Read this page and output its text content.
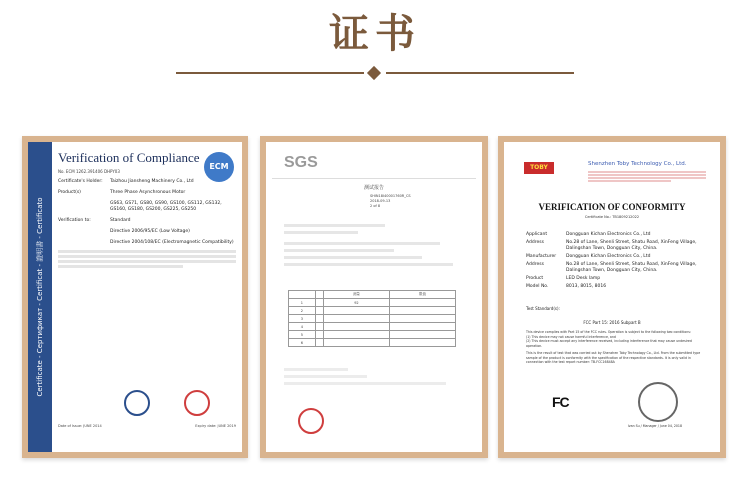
证书
Certificate - Сертификат - Certificat - 證明書 - Certificato
ECM
Verification of Compliance
No. ECM 1262.391406 DHPY03
Certificate's Holder:	Taizhou Jiansheng Machinery Co., Ltd
Product(s)	Three Phase Asynchronous Motor
GS63, GS71, GS80, GS90, GS100, GS112, GS132, GS160, GS180, GS200, GS225, GS250
Verification to:	Standard
Directive 2006/95/EC (Low Voltage)
Directive 2004/108/EC (Electromagnetic Compatibility)
Date of Issue: JUNE 2014	Expiry date: JUNE 2019
SGS
测试报告
SHIN18I40001760R_CS
2018-09-13
2 of 8
		测量	限值
1		92	
2			
3			
4			
5			
6			
TOBY	Shenzhen Toby Technology Co., Ltd.
VERIFICATION OF CONFORMITY
Certificate No.: TB1809212022
Applicant	Dongguan Kichan Electronics Co., Ltd
Address	No.28 of Lane, Shenli Street, Shatu Road, XinFeng Village, Dalingshan Town, Dongguan City, China.
Manufacturer	Dongguan Kichan Electronics Co., Ltd
Address	No.28 of Lane, Shenli Street, Shatu Road, XinFeng Village, Dalingshan Town, Dongguan City, China.
Product	LED Desk lamp
Model No.	8013, 8015, 8016
Test Standard(s):
FCC Part 15: 2016 Subpart B
This device complies with Part 15 of the FCC rules. Operation is subject to the following two conditions:
(1) This device may not cause harmful interference, and
(2) This device must accept any interference received, including interference that may cause undesired operation.
This is the result of test that was carried out by Shenzhen Toby Technology Co., Ltd. From the submitted type sample of the product is conformity with the specification of the respective standards. It is only valid in connection with the test report number: TB-FCC16848A
FC
Ivan Su / Manager / June 04, 2018
